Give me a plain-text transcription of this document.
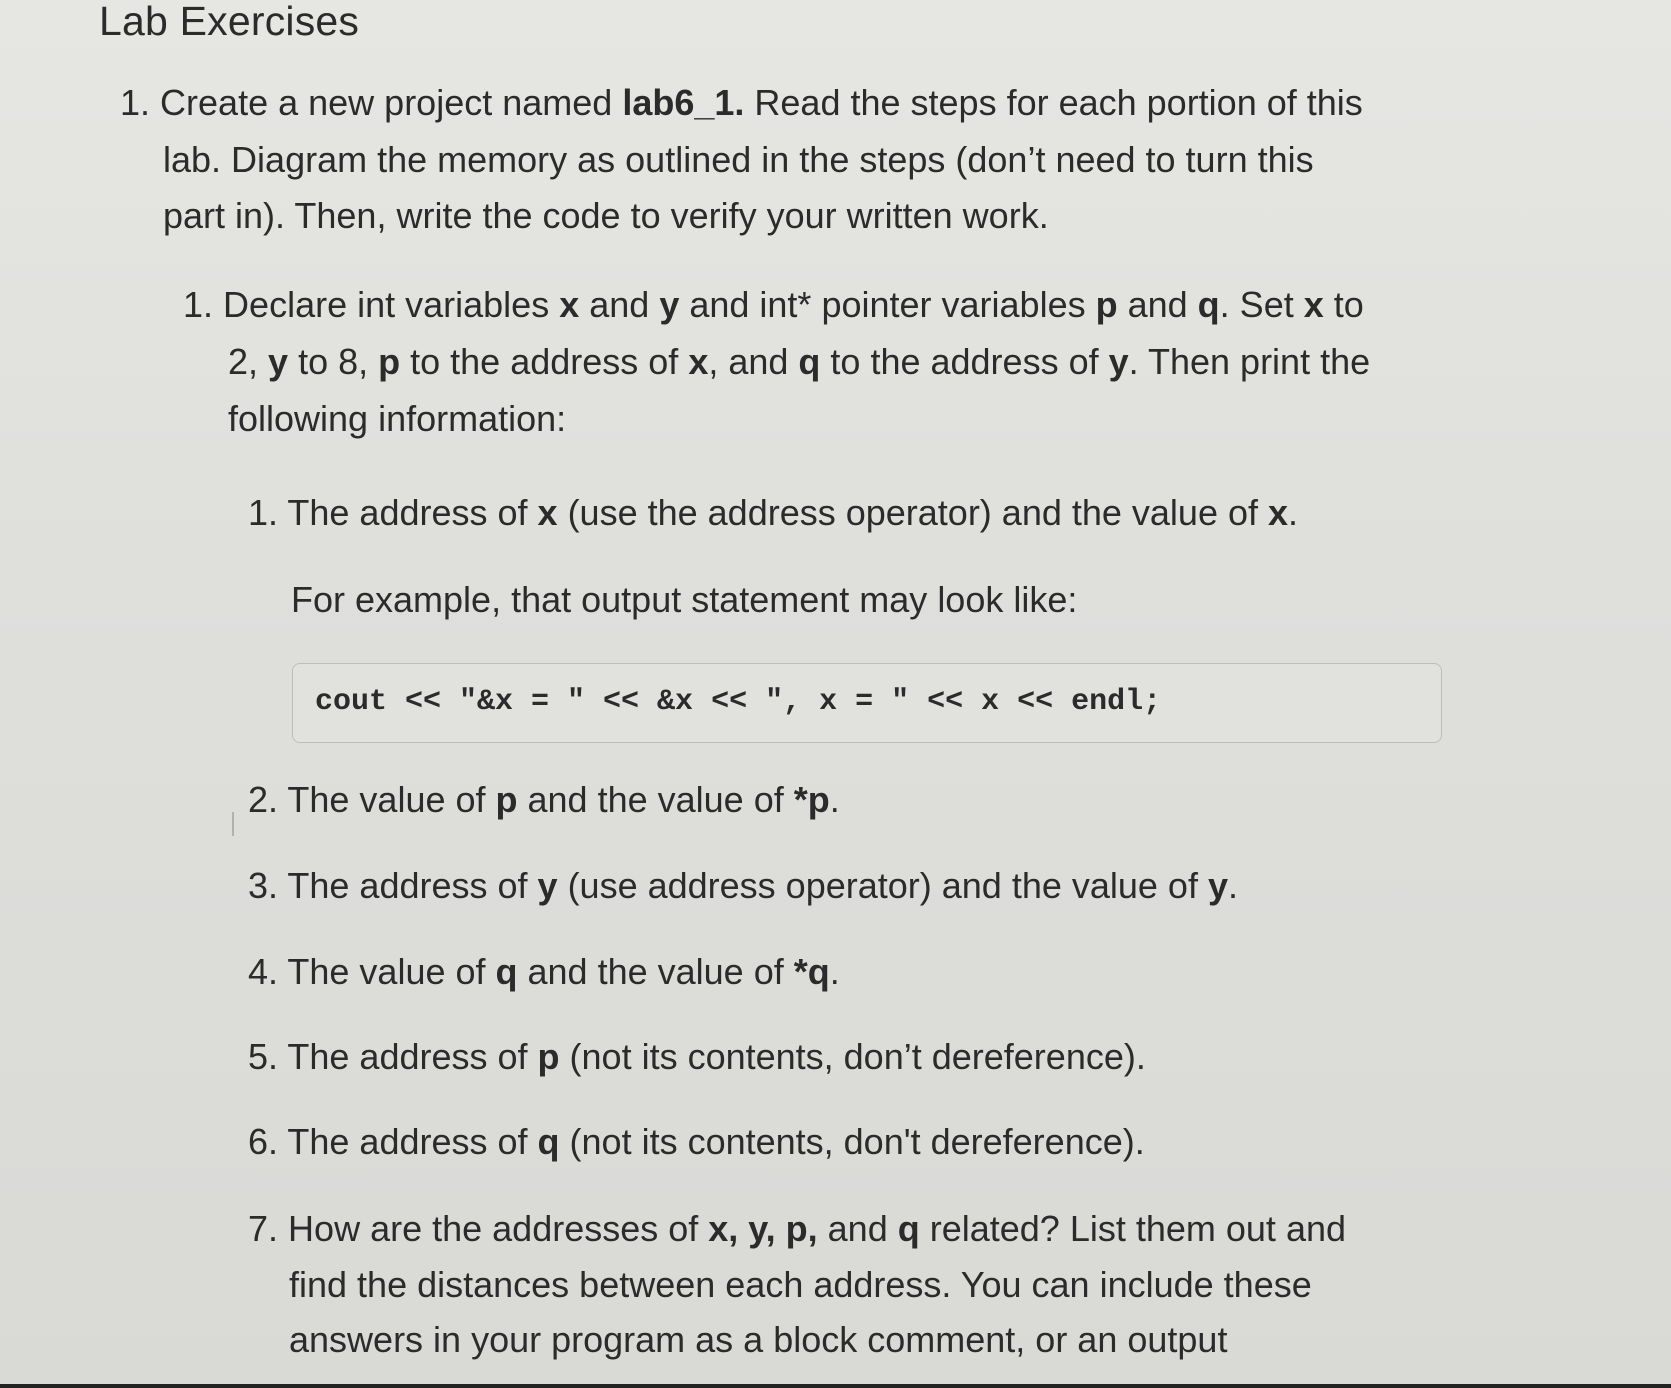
Lab Exercises
1. Create a new project named lab6_1. Read the steps for each portion of this
lab. Diagram the memory as outlined in the steps (don’t need to turn this
part in). Then, write the code to verify your written work.
1. Declare int variables x and y and int* pointer variables p and q. Set x to
2, y to 8, p to the address of x, and q to the address of y. Then print the
following information:
1. The address of x (use the address operator) and the value of x.
For example, that output statement may look like:
cout << "&x = " << &x << ", x = " << x << endl;
2. The value of p and the value of *p.
3. The address of y (use address operator) and the value of y.
4. The value of q and the value of *q.
5. The address of p (not its contents, don’t dereference).
6. The address of q (not its contents, don't dereference).
7. How are the addresses of x, y, p, and q related? List them out and
find the distances between each address. You can include these
answers in your program as a block comment, or an output
